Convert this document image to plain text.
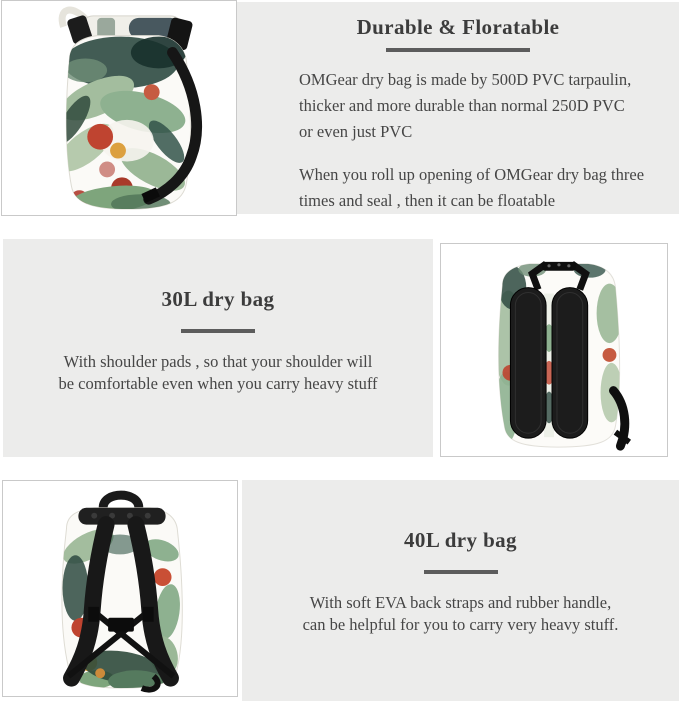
Durable & Floratable
OMGear dry bag is made by 500D PVC tarpaulin,
thicker and more durable than normal 250D PVC
or even just PVC
When you roll up opening of OMGear dry bag three
times and seal , then it can be floatable
30L dry bag
With shoulder pads , so that your shoulder will
be comfortable even when you carry heavy stuff
40L dry bag
With soft EVA back straps and rubber handle,
can be helpful for you to carry very heavy stuff.
